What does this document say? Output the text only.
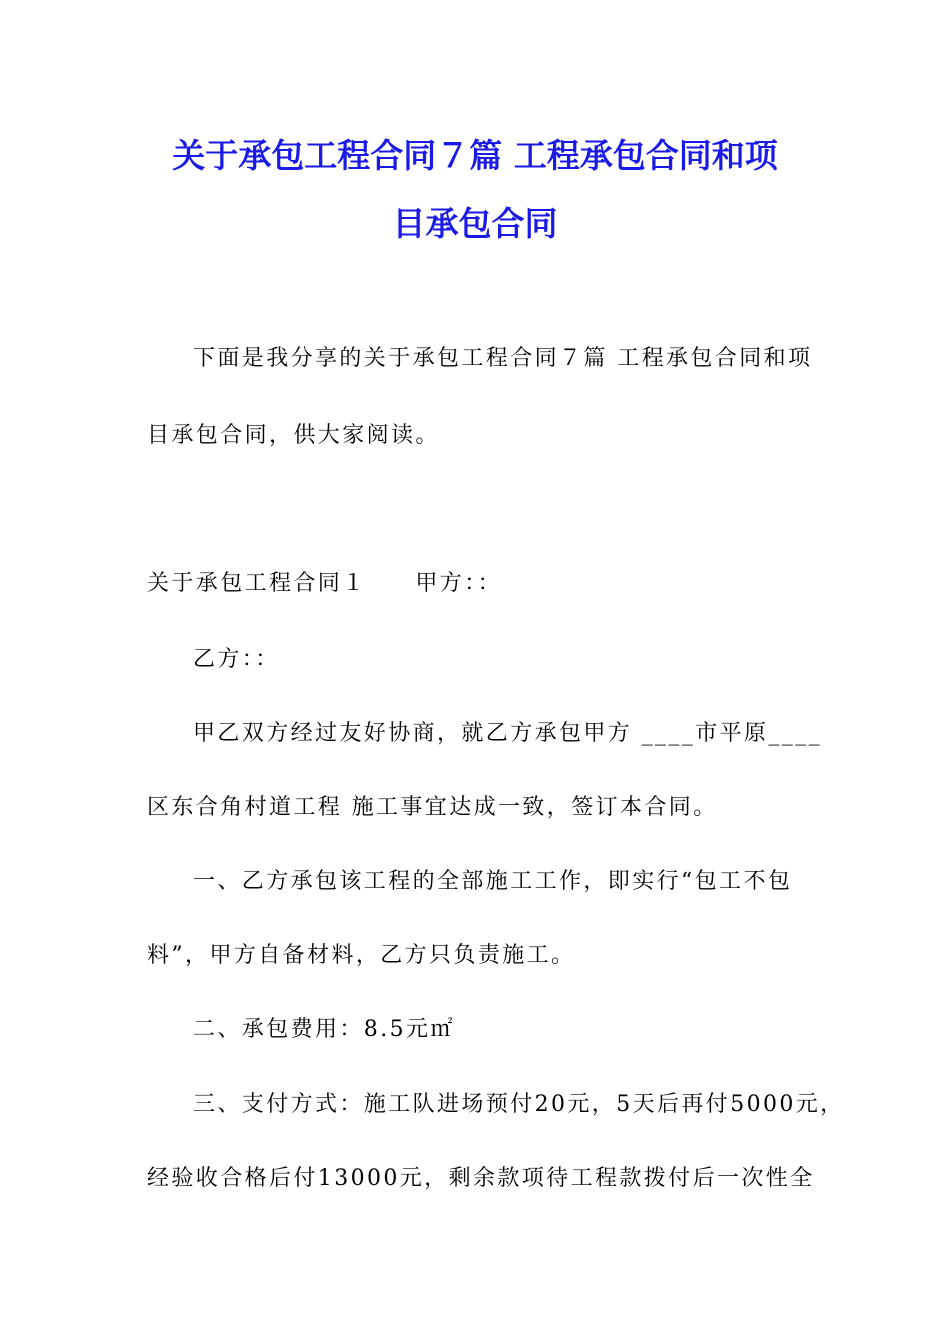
关于承包工程合同７篇 工程承包合同和项
目承包合同
下面是我分享的关于承包工程合同７篇 工程承包合同和项
目承包合同，供大家阅读。
关于承包工程合同１　　甲方：：
乙方：：
甲乙双方经过友好协商，就乙方承包甲方 ____市平原____
区东合角村道工程 施工事宜达成一致，签订本合同。
一、乙方承包该工程的全部施工工作，即实行“包工不包
料”，甲方自备材料，乙方只负责施工。
二、承包费用：8.5元㎡
三、支付方式：施工队进场预付20元，5天后再付5000元，
经验收合格后付13000元，剩余款项待工程款拨付后一次性全
